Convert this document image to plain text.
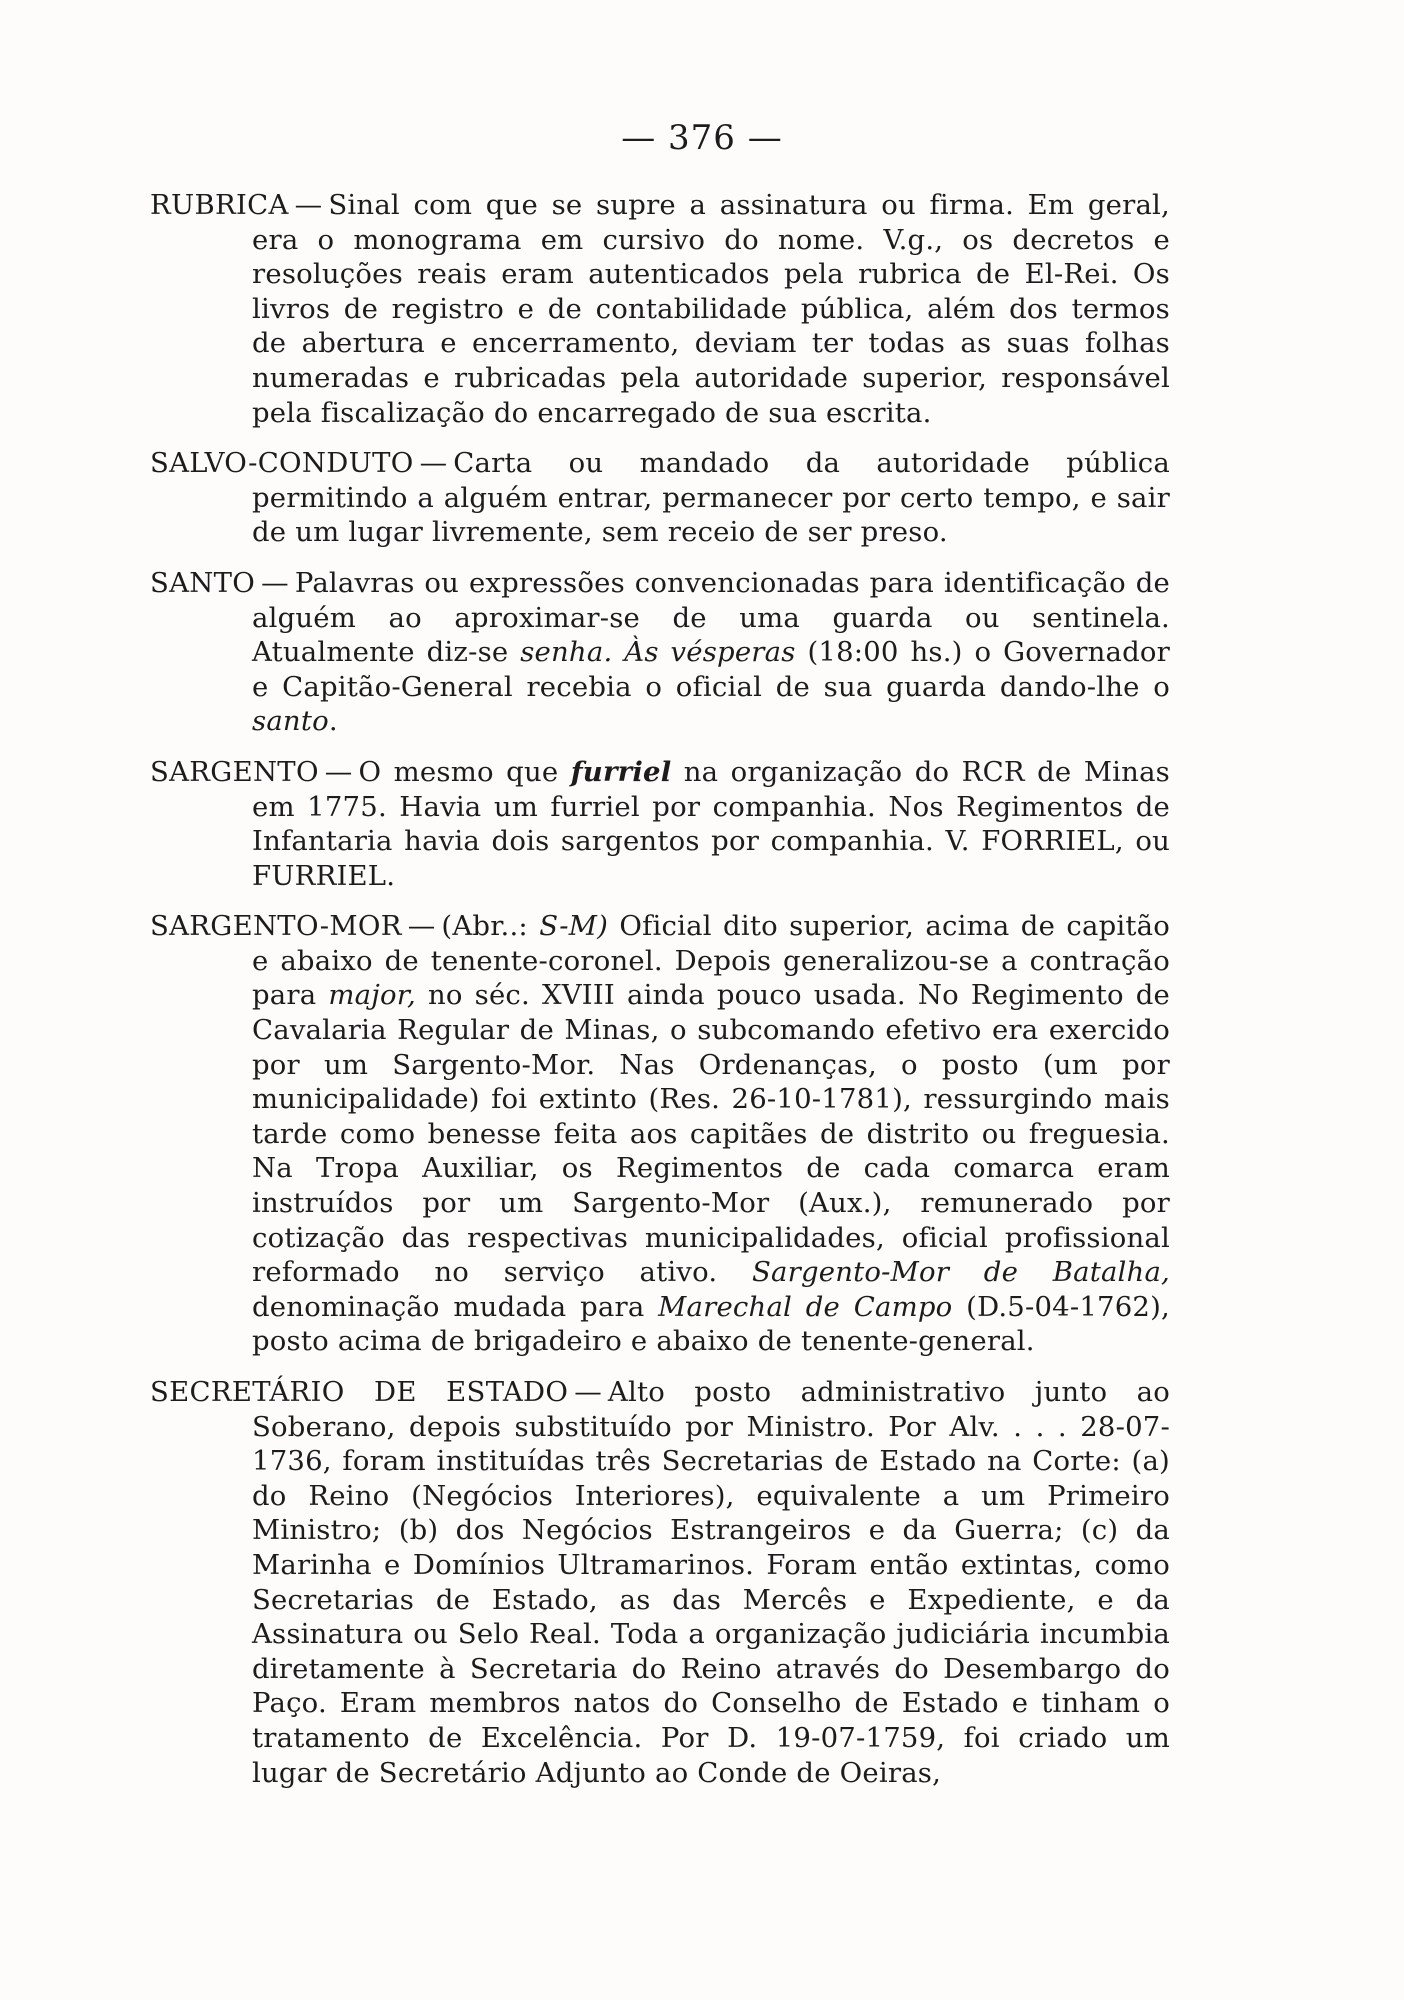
— 376 —

RUBRICA — Sinal com que se supre a assinatura ou firma. Em geral, era o monograma em cursivo do nome. V.g., os decretos e resoluções reais eram autenticados pela rubrica de El-Rei. Os livros de registro e de contabilidade pública, além dos termos de abertura e encerramento, deviam ter todas as suas folhas numeradas e rubricadas pela autoridade superior, responsável pela fiscalização do encarregado de sua escrita.

SALVO-CONDUTO — Carta ou mandado da autoridade pública permitindo a alguém entrar, permanecer por certo tempo, e sair de um lugar livremente, sem receio de ser preso.

SANTO — Palavras ou expressões convencionadas para identificação de alguém ao aproximar-se de uma guarda ou sentinela. Atualmente diz-se senha. Às vésperas (18:00 hs.) o Governador e Capitão-General recebia o oficial de sua guarda dando-lhe o santo.

SARGENTO — O mesmo que furriel na organização do RCR de Minas em 1775. Havia um furriel por companhia. Nos Regimentos de Infantaria havia dois sargentos por companhia. V. FORRIEL, ou FURRIEL.

SARGENTO-MOR — (Abr..: S-M) Oficial dito superior, acima de capitão e abaixo de tenente-coronel. Depois generalizou-se a contração para major, no séc. XVIII ainda pouco usada. No Regimento de Cavalaria Regular de Minas, o subcomando efetivo era exercido por um Sargento-Mor. Nas Ordenanças, o posto (um por municipalidade) foi extinto (Res. 26-10-1781), ressurgindo mais tarde como benesse feita aos capitães de distrito ou freguesia. Na Tropa Auxiliar, os Regimentos de cada comarca eram instruídos por um Sargento-Mor (Aux.), remunerado por cotização das respectivas municipalidades, oficial profissional reformado no serviço ativo. Sargento-Mor de Batalha, denominação mudada para Marechal de Campo (D.5-04-1762), posto acima de brigadeiro e abaixo de tenente-general.

SECRETÁRIO DE ESTADO — Alto posto administrativo junto ao Soberano, depois substituído por Ministro. Por Alv. . . . 28-07-1736, foram instituídas três Secretarias de Estado na Corte: (a) do Reino (Negócios Interiores), equivalente a um Primeiro Ministro; (b) dos Negócios Estrangeiros e da Guerra; (c) da Marinha e Domínios Ultramarinos. Foram então extintas, como Secretarias de Estado, as das Mercês e Expediente, e da Assinatura ou Selo Real. Toda a organização judiciária incumbia diretamente à Secretaria do Reino através do Desembargo do Paço. Eram membros natos do Conselho de Estado e tinham o tratamento de Excelência. Por D. 19-07-1759, foi criado um lugar de Secretário Adjunto ao Conde de Oeiras,
